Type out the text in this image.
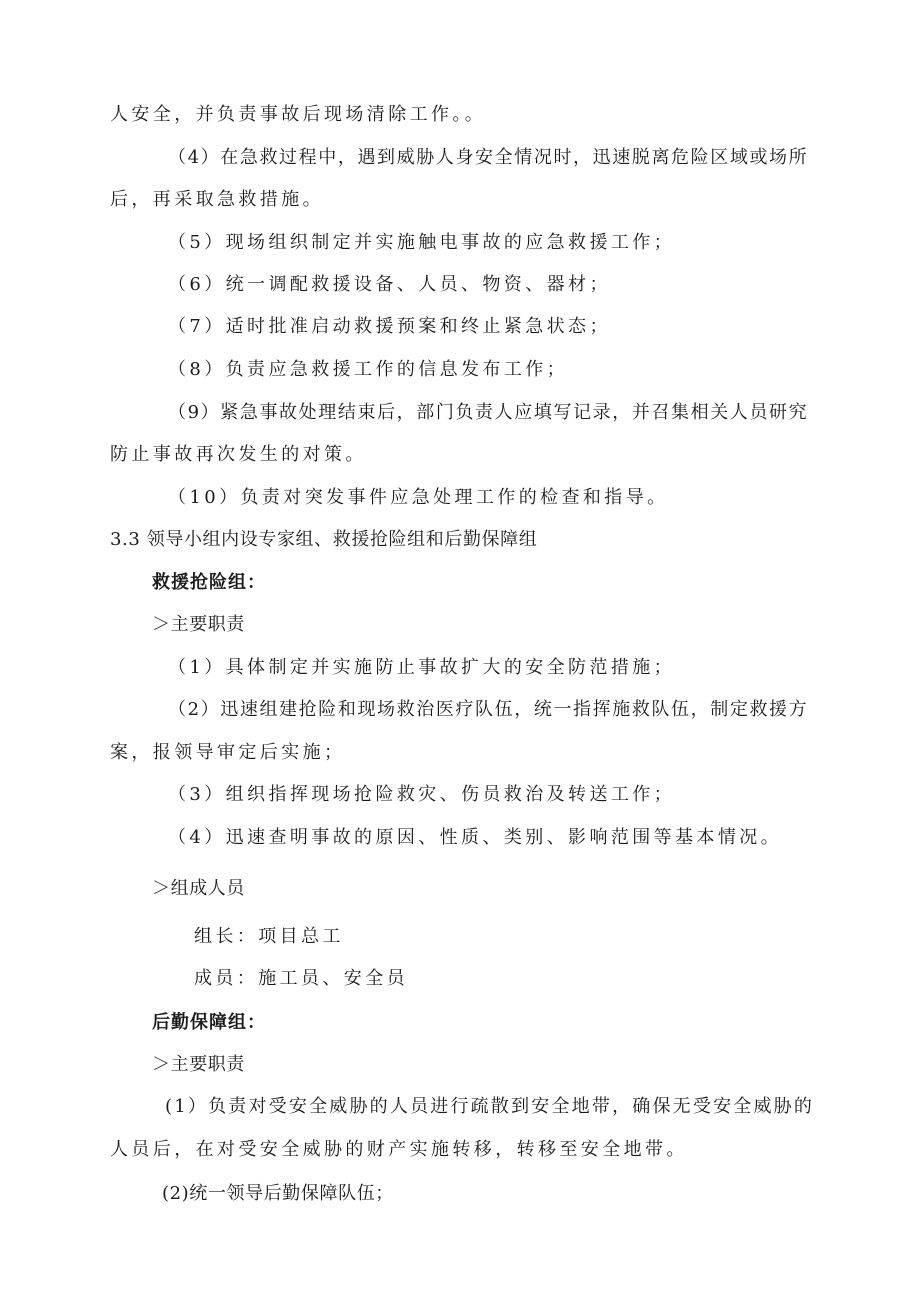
人安全，并负责事故后现场清除工作。。
（4）在急救过程中，遇到威胁人身安全情况时，迅速脱离危险区域或场所
后，再采取急救措施。
（5）现场组织制定并实施触电事故的应急救援工作；
（6）统一调配救援设备、人员、物资、器材；
（7）适时批准启动救援预案和终止紧急状态；
（8）负责应急救援工作的信息发布工作；
（9）紧急事故处理结束后，部门负责人应填写记录，并召集相关人员研究
防止事故再次发生的对策。
（10）负责对突发事件应急处理工作的检查和指导。
3.3 领导小组内设专家组、救援抢险组和后勤保障组
救援抢险组：
＞主要职责
（1）具体制定并实施防止事故扩大的安全防范措施；
（2）迅速组建抢险和现场救治医疗队伍，统一指挥施救队伍，制定救援方
案，报领导审定后实施；
（3）组织指挥现场抢险救灾、伤员救治及转送工作；
（4）迅速查明事故的原因、性质、类别、影响范围等基本情况。
＞组成人员
组长：项目总工
成员：施工员、安全员
后勤保障组：
＞主要职责
(1）负责对受安全威胁的人员进行疏散到安全地带，确保无受安全威胁的
人员后，在对受安全威胁的财产实施转移，转移至安全地带。
(2)统一领导后勤保障队伍；
